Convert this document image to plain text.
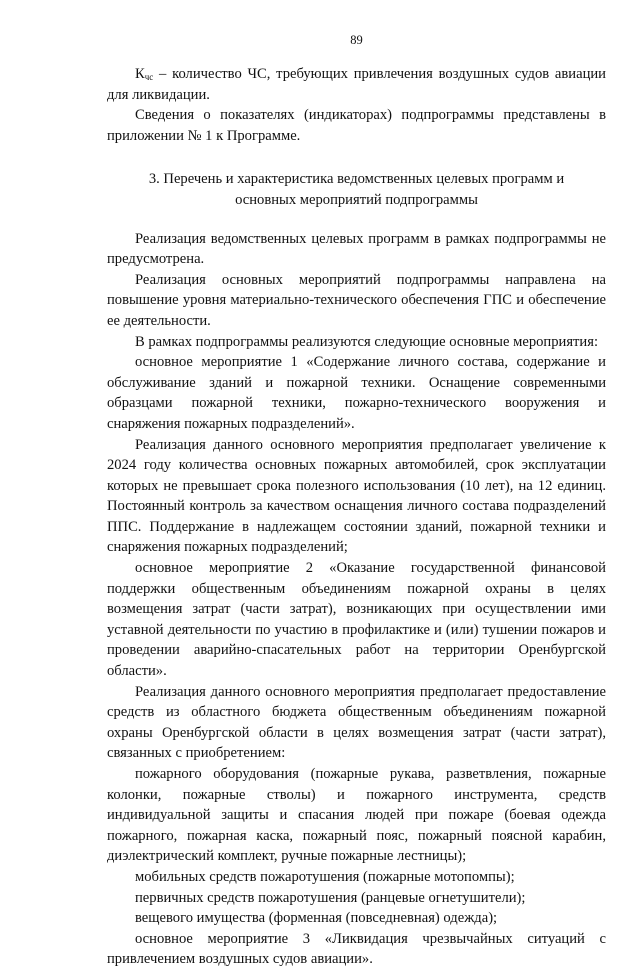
89

$К_{чс}$ – количество ЧС, требующих привлечения воздушных судов авиации для ликвидации.

Сведения о показателях (индикаторах) подпрограммы представлены в приложении № 1 к Программе.

3. Перечень и характеристика ведомственных целевых программ и
основных мероприятий подпрограммы

Реализация ведомственных целевых программ в рамках подпрограммы не предусмотрена.

Реализация основных мероприятий подпрограммы направлена на повышение уровня материально-технического обеспечения ГПС и обеспечение ее деятельности.

В рамках подпрограммы реализуются следующие основные мероприятия:

основное мероприятие 1 «Содержание личного состава, содержание и обслуживание зданий и пожарной техники. Оснащение современными образцами пожарной техники, пожарно-технического вооружения и снаряжения пожарных подразделений».

Реализация данного основного мероприятия предполагает увеличение к 2024 году количества основных пожарных автомобилей, срок эксплуатации которых не превышает срока полезного использования (10 лет), на 12 единиц. Постоянный контроль за качеством оснащения личного состава подразделений ППС. Поддержание в надлежащем состоянии зданий, пожарной техники и снаряжения пожарных подразделений;

основное мероприятие 2 «Оказание государственной финансовой поддержки общественным объединениям пожарной охраны в целях возмещения затрат (части затрат), возникающих при осуществлении ими уставной деятельности по участию в профилактике и (или) тушении пожаров и проведении аварийно-спасательных работ на территории Оренбургской области».

Реализация данного основного мероприятия предполагает предоставление средств из областного бюджета общественным объединениям пожарной охраны Оренбургской области в целях возмещения затрат (части затрат), связанных с приобретением:

пожарного оборудования (пожарные рукава, разветвления, пожарные колонки, пожарные стволы) и пожарного инструмента, средств индивидуальной защиты и спасания людей при пожаре (боевая одежда пожарного, пожарная каска, пожарный пояс, пожарный поясной карабин, диэлектрический комплект, ручные пожарные лестницы);

мобильных средств пожаротушения (пожарные мотопомпы);

первичных средств пожаротушения (ранцевые огнетушители);

вещевого имущества (форменная (повседневная) одежда);

основное мероприятие 3 «Ликвидация чрезвычайных ситуаций с привлечением воздушных судов авиации».
